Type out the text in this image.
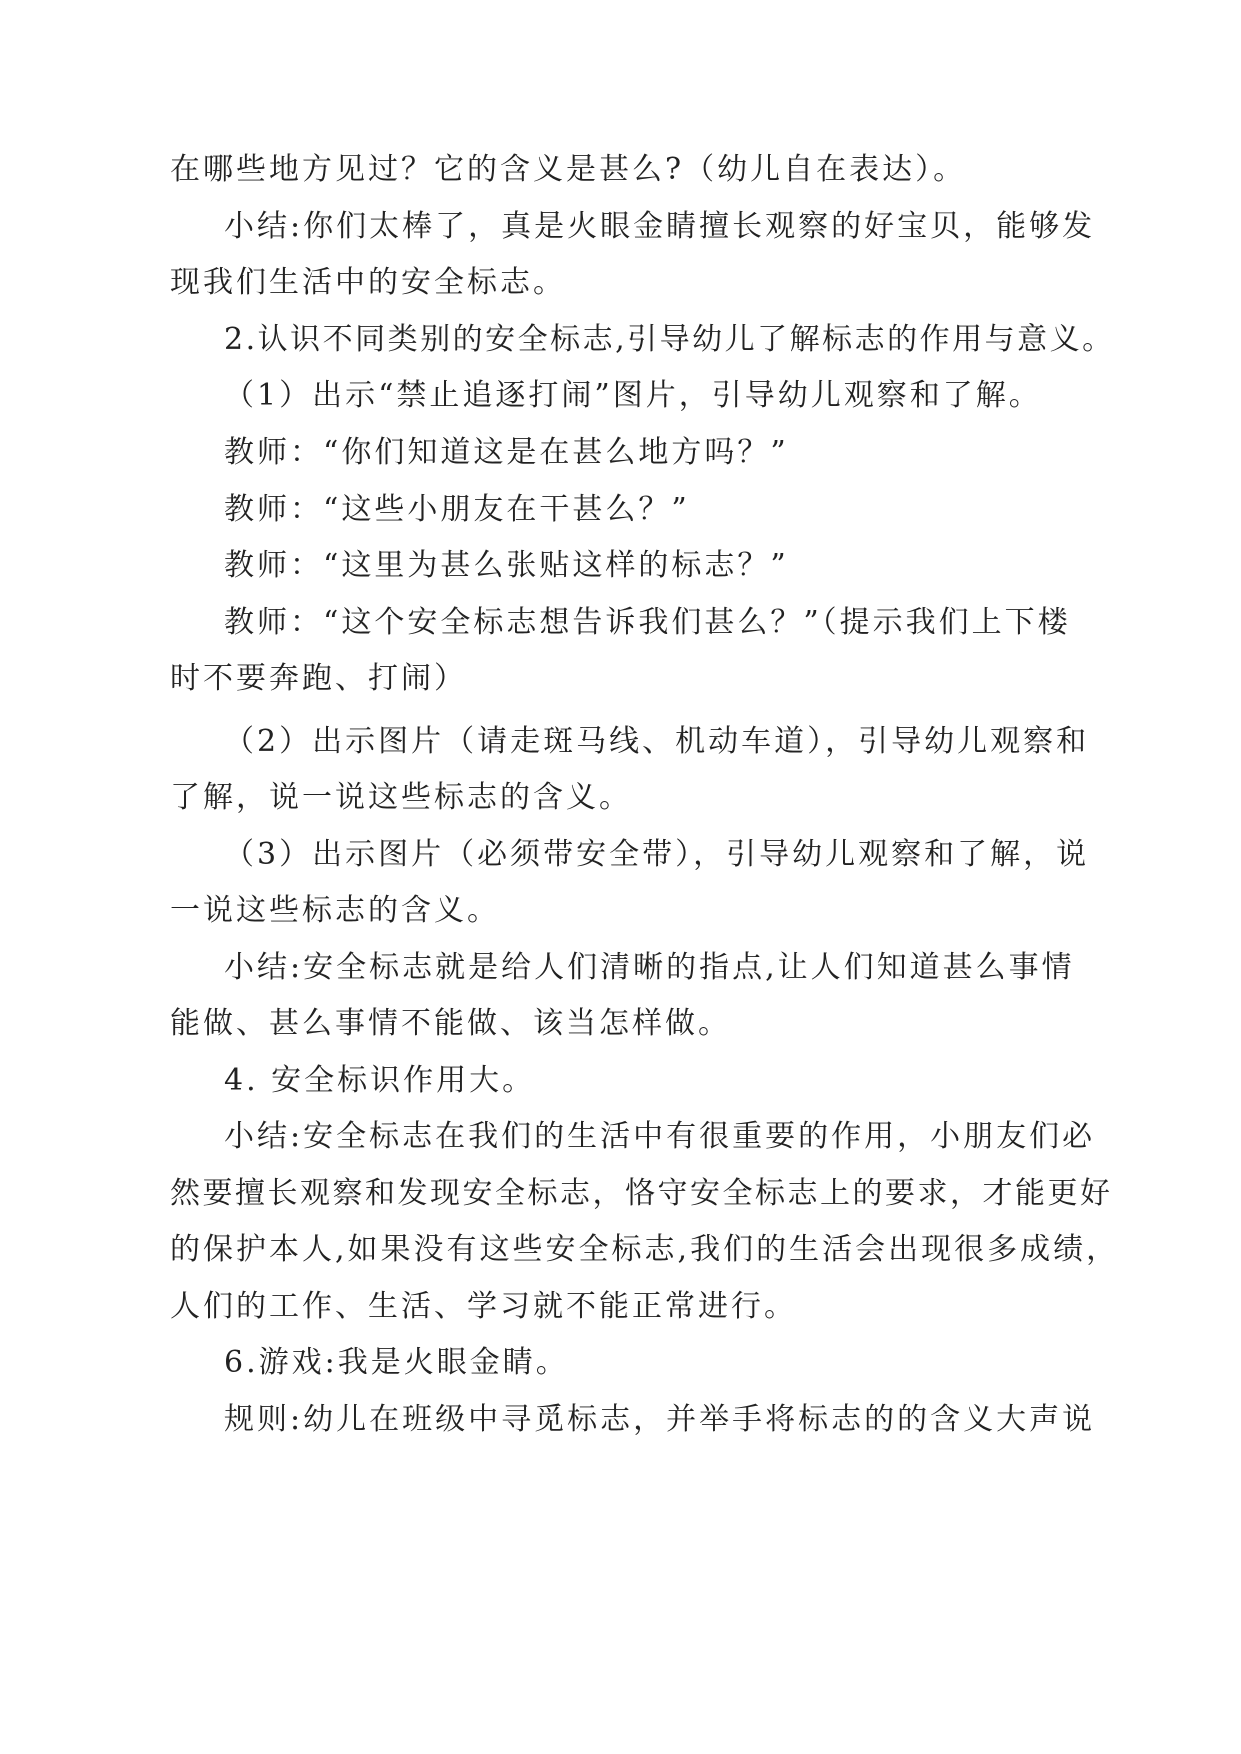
在哪些地方见过？它的含义是甚么?（幼儿自在表达）。
小结:你们太棒了，真是火眼金睛擅长观察的好宝贝，能够发
现我们生活中的安全标志。
2.认识不同类别的安全标志,引导幼儿了解标志的作用与意义。
（1）出示“禁止追逐打闹”图片，引导幼儿观察和了解。
教师：“你们知道这是在甚么地方吗？”
教师：“这些小朋友在干甚么？”
教师：“这里为甚么张贴这样的标志？”
教师：“这个安全标志想告诉我们甚么？”（提示我们上下楼
时不要奔跑、打闹）
（2）出示图片（请走斑马线、机动车道），引导幼儿观察和
了解，说一说这些标志的含义。
（3）出示图片（必须带安全带），引导幼儿观察和了解，说
一说这些标志的含义。
小结:安全标志就是给人们清晰的指点,让人们知道甚么事情
能做、甚么事情不能做、该当怎样做。
4. 安全标识作用大。
小结:安全标志在我们的生活中有很重要的作用，小朋友们必
然要擅长观察和发现安全标志，恪守安全标志上的要求，才能更好
的保护本人,如果没有这些安全标志,我们的生活会出现很多成绩，
人们的工作、生活、学习就不能正常进行。
6.游戏:我是火眼金睛。
规则:幼儿在班级中寻觅标志，并举手将标志的的含义大声说
